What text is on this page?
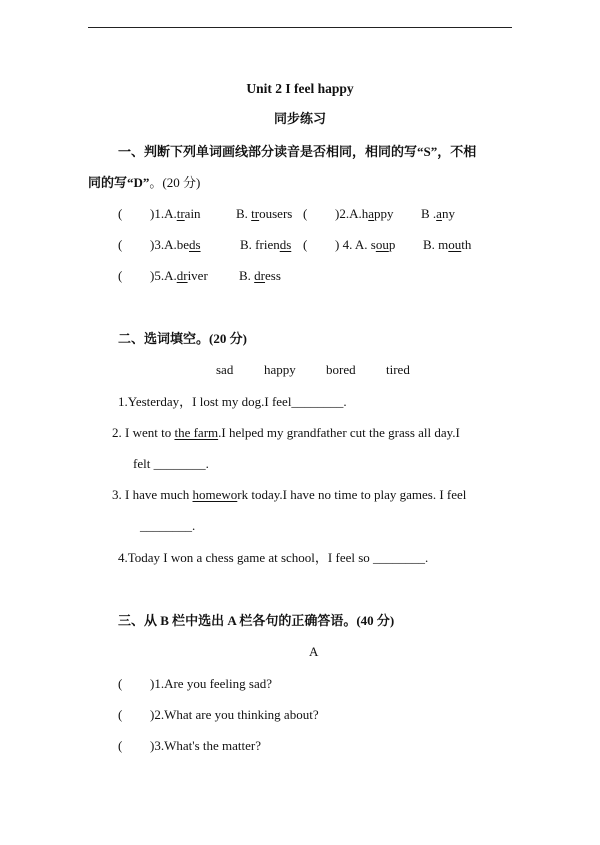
Unit 2 I feel happy
同步练习
一、判断下列单词画线部分读音是否相同，相同的写“S”，不相
同的写“D”。(20 分)
( )1.A.train	B. trousers ( )2.A.happy B .any
( )3.A.beds	B. friends ( ) 4. A. soup B. mouth
( )5.A.driver B. dress
二、选词填空。(20 分)
sad happy bored tired
1.Yesterday，I lost my dog.I feel________.
2. I went to the farm.I helped my grandfather cut the grass all day.I
felt ________.
3. I have much homework today.I have no time to play games. I feel
________.
4.Today I won a chess game at school，I feel so ________.
三、从 B 栏中选出 A 栏各句的正确答语。(40 分)
A
( )1.Are you feeling sad?
( )2.What are you thinking about?
( )3.What's the matter?
